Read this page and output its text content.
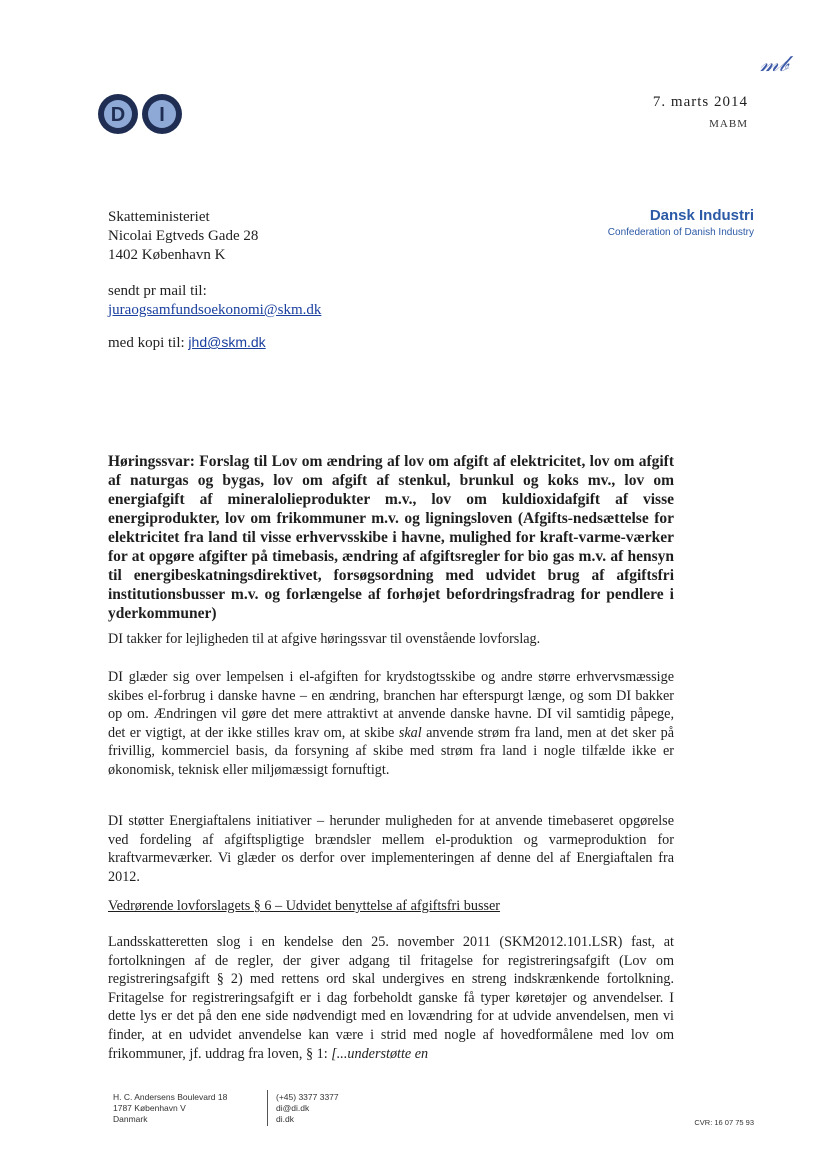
𝓂𝒷
D I
7. marts 2014
MABM
Dansk Industri
Confederation of Danish Industry
Skatteministeriet
Nicolai Egtveds Gade 28
1402 København K
sendt pr mail til:
juraogsamfundsoekonomi@skm.dk
med kopi til: jhd@skm.dk
Høringssvar: Forslag til Lov om ændring af lov om afgift af elektricitet, lov om afgift af naturgas og bygas, lov om afgift af stenkul, brunkul og koks mv., lov om energiafgift af mineralolieprodukter m.v., lov om kuldioxidafgift af visse energiprodukter, lov om frikommuner m.v. og ligningsloven (Afgifts-nedsættelse for elektricitet fra land til visse erhvervsskibe i havne, mulighed for kraft-varme-værker for at opgøre afgifter på timebasis, ændring af afgiftsregler for bio gas m.v. af hensyn til energibeskatningsdirektivet, forsøgsordning med udvidet brug af afgiftsfri institutionsbusser m.v. og forlængelse af forhøjet befordringsfradrag for pendlere i yderkommuner)
DI takker for lejligheden til at afgive høringssvar til ovenstående lovforslag.
DI glæder sig over lempelsen i el-afgiften for krydstogtsskibe og andre større erhvervsmæssige skibes el-forbrug i danske havne – en ændring, branchen har efterspurgt længe, og som DI bakker op om. Ændringen vil gøre det mere attraktivt at anvende danske havne. DI vil samtidig påpege, det er vigtigt, at der ikke stilles krav om, at skibe skal anvende strøm fra land, men at det sker på frivillig, kommerciel basis, da forsyning af skibe med strøm fra land i nogle tilfælde ikke er økonomisk, teknisk eller miljømæssigt fornuftigt.
DI støtter Energiaftalens initiativer – herunder muligheden for at anvende timebaseret opgørelse ved fordeling af afgiftspligtige brændsler mellem el-produktion og varmeproduktion for kraftvarmeværker. Vi glæder os derfor over implementeringen af denne del af Energiaftalen fra 2012.
Vedrørende lovforslagets § 6 – Udvidet benyttelse af afgiftsfri busser
Landsskatteretten slog i en kendelse den 25. november 2011 (SKM2012.101.LSR) fast, at fortolkningen af de regler, der giver adgang til fritagelse for registreringsafgift (Lov om registreringsafgift § 2) med rettens ord skal undergives en streng indskrænkende fortolkning. Fritagelse for registreringsafgift er i dag forbeholdt ganske få typer køretøjer og anvendelser. I dette lys er det på den ene side nødvendigt med en lovændring for at udvide anvendelsen, men vi finder, at en udvidet anvendelse kan være i strid med nogle af hovedformålene med lov om frikommuner, jf. uddrag fra loven, § 1: [...understøtte en
H. C. Andersens Boulevard 18
1787 København V
Danmark
(+45) 3377 3377
di@di.dk
di.dk	CVR: 16 07 75 93
